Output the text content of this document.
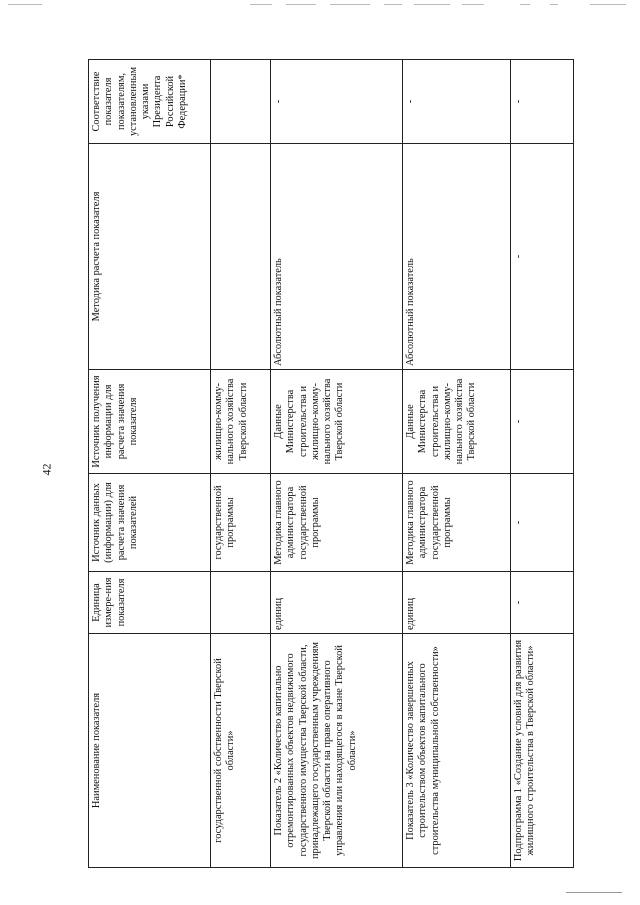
42
Наименование показателя	Единица измере-ния показателя	Источник данных (информации) для расчета значения показателей	Источник получения информации для расчета значения показателя	Методика расчета показателя	Соответствие показателя показателям, установленным указами Президента Российской Федерации*
государственной собственности Тверской области»		государственной программы	жилищно-комму-нального хозяйства Тверской области		
Показатель 2 «Количество капитально отремонтированных объектов недвижимого государственного имущества Тверской области, принадлежащего государственным учреждениям Тверской области на праве оперативного управления или находящегося в казне Тверской области»	единиц	Методика главного администратора государственной программы	Данные Министерства строительства и жилищно-комму-нального хозяйства Тверской области	Абсолютный показатель	-
Показатель 3 «Количество завершенных строительством объектов капитального строительства муниципальной собственности»	единиц	Методика главного администратора государственной программы	Данные Министерства строительства и жилищно-комму-нального хозяйства Тверской области	Абсолютный показатель	-
Подпрограмма 1 «Создание условий для развития жилищного строительства в Тверской области»	-	-	-	-	-
